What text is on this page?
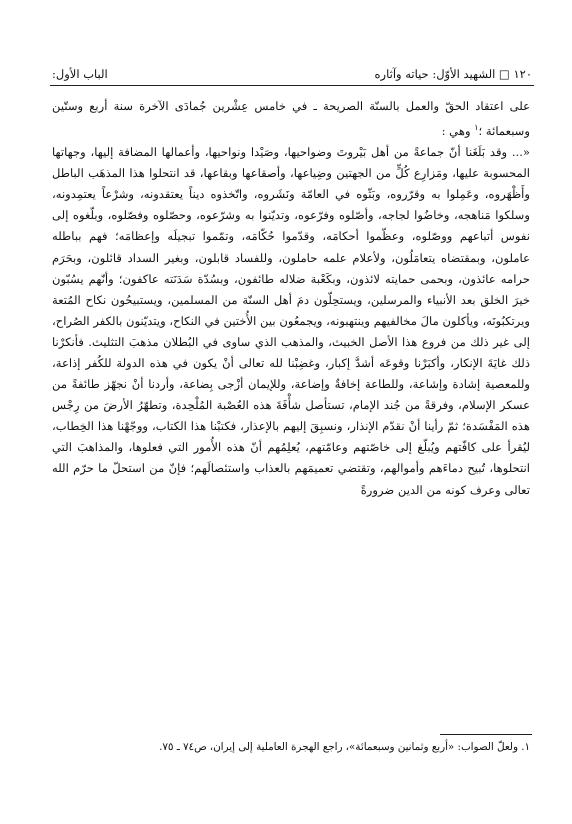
١٢٠ □ الشهيد الأوّل: حياته وآثاره
الباب الأول:

على اعتقاد الحقّ والعمل بالسنّة الصريحة ـ في خامس عِشْرين جُمادَى الآخرة سنة أربع وستّين وسبعمائة ؛$^١$ وهي :

«... وقد بَلَغَنا أنّ جماعةً من أهل بَيْروتَ وضواحيها، وصَيْدا ونواحيها، وأعمالها المضافة إليها، وجهاتها المحسوبة عليها، ومَزارِع كُلٍّ من الجهتين وضِياعها، وأصقاعها وبقاعها، قد انتحلوا هذا المذهَب الباطل وأَظْهَروه، وعَمِلوا به وقرّروه، وبَثّوه في العامّة ونَشَروه، واتّخذوه ديناً يعتقدونه، وشرْعاً يعتمِدونه، وسلكوا مَناهجه، وخاضُوا لجاجه، وأصّلوه وفرّعوه، وتديّنوا به وشرّعوه، وحصّلوه وفصّلوه، وبلّغوه إلى نفوس أتباعهم ووصّلوه، وعظّموا أحكامَه، وقدّموا حُكّامَه، وتمّموا تبجيلَه وإعظامَه؛ فهم بباطله عاملون، وبمقتضاه يتعامَلُون، ولأعلام علمه حاملون، وللفساد قابلون، وبغير السداد قائلون، وبحَرَم حرامه عائذون، وبحمى حمايته لائذون، وبكَعْبة ضلاله طائفون، وبسُدّة سَدَنَته عاكفون؛ وأنّهم يسُبّون خيرَ الخلق بعد الأنبياء والمرسلين، ويستحِلّون دمَ أهل السنّة من المسلمين، ويستبيحُون نكاح المُتعة ويرتكبُونَه، ويأكلون مالَ مخالفيهم وينتهبونه، ويجمعُون بين الأُختين في النكاح، ويتديّنون بالكفر الصُراح، إلى غير ذلك من فروع هذا الأصل الخبيث، والمذهب الذي ساوى في البُطلان مذهبَ التثليث. فأنكرْنا ذلك غايَةَ الإنكار، وأكبَرْنا وقوعَه أشدَّ إكبار، وغضِبْنا لله تعالى أنْ يكون في هذه الدولة للكُفر إذاعة، وللمعصية إشادة وإشاعة، وللطاعة إخافةٌ وإضاعة، وللإيمان أزْجى بِضاعة، وأردنا أنْ نجهّز طائفةً من عسكر الإسلام، وفرقةً من جُند الإمام، تستأصل شأْفَةَ هذه العُصْبة المُلْحِدة، وتطهّرُ الأرضَ من رِجْس هذه المَفْسَدة؛ ثمّ رأينا أنْ نقدّم الإنذار، ونسبِقَ إليهم بالإعذار، فكتبْنا هذا الكتاب، ووجّهْنا هذا الخِطاب، ليُقرأ على كافّتهم ويُبلّغ إلى خاصّتهم وعامّتهم، يُعلِمُهم أنّ هذه الأُمور التي فعلوها، والمذاهبَ التي انتحلوها، تُبيح دماءَهم وأموالهم، وتقتضي تعميمَهم بالعذاب واستئصالَهم؛ فإنّ من استحلّ ما حرّم الله تعالى وعرف كونه من الدين ضرورةً

١. ولعلّ الصواب: «أربع وثمانين وسبعمائة»، راجع الهجرة العاملية إلى إيران، ص٧٤ ـ ٧٥.
